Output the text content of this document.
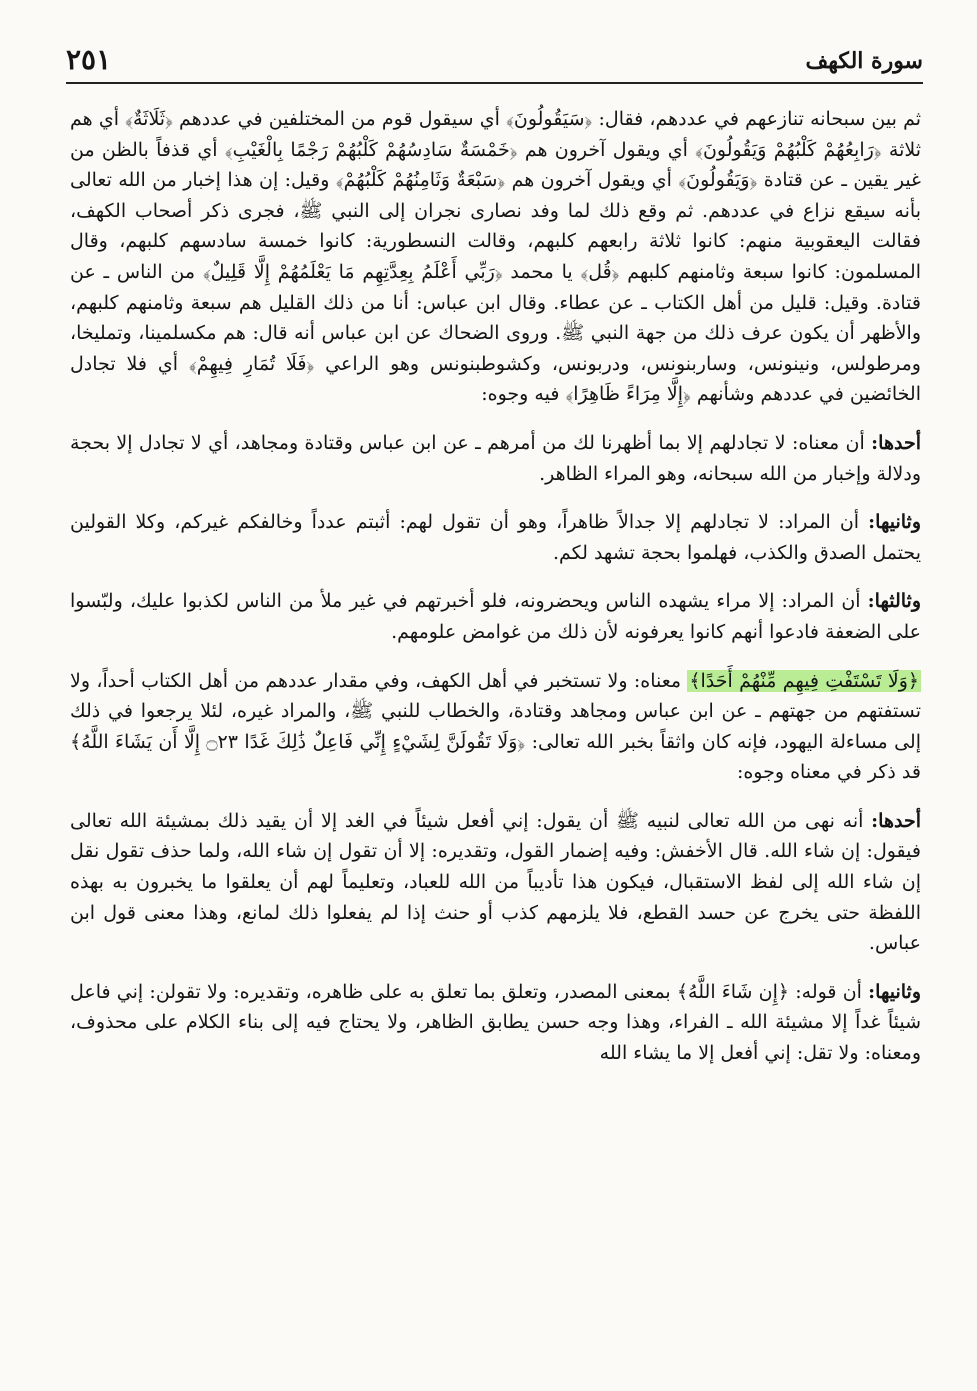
٢٥١	سورة الكهف

ثم بين سبحانه تنازعهم في عددهم، فقال: ﴿سَيَقُولُونَ﴾ أي سيقول قوم من المختلفين في عددهم ﴿ثَلَاثَةٌ﴾ أي هم ثلاثة ﴿رَابِعُهُمْ كَلْبُهُمْ وَيَقُولُونَ﴾ أي ويقول آخرون هم ﴿خَمْسَةٌ سَادِسُهُمْ كَلْبُهُمْ رَجْمًا بِالْغَيْبِ﴾ أي قذفاً بالظن من غير يقين ـ عن قتادة ﴿وَيَقُولُونَ﴾ أي ويقول آخرون هم ﴿سَبْعَةٌ وَثَامِنُهُمْ كَلْبُهُمْ﴾ وقيل: إن هذا إخبار من الله تعالى بأنه سيقع نزاع في عددهم. ثم وقع ذلك لما وفد نصارى نجران إلى النبي ﷺ، فجرى ذكر أصحاب الكهف، فقالت اليعقوبية منهم: كانوا ثلاثة رابعهم كلبهم، وقالت النسطورية: كانوا خمسة سادسهم كلبهم، وقال المسلمون: كانوا سبعة وثامنهم كلبهم ﴿قُل﴾ يا محمد ﴿رَبِّي أَعْلَمُ بِعِدَّتِهِم مَا يَعْلَمُهُمْ إِلَّا قَلِيلٌ﴾ من الناس ـ عن قتادة. وقيل: قليل من أهل الكتاب ـ عن عطاء. وقال ابن عباس: أنا من ذلك القليل هم سبعة وثامنهم كلبهم، والأظهر أن يكون عرف ذلك من جهة النبي ﷺ. وروى الضحاك عن ابن عباس أنه قال: هم مكسلمينا، وتمليخا، ومرطولس، ونينونس، وساربنونس، ودربونس، وكشوطبنونس وهو الراعي ﴿فَلَا تُمَارِ فِيهِمْ﴾ أي فلا تجادل الخائضين في عددهم وشأنهم ﴿إِلَّا مِرَاءً ظَاهِرًا﴾ فيه وجوه:

أحدها: أن معناه: لا تجادلهم إلا بما أظهرنا لك من أمرهم ـ عن ابن عباس وقتادة ومجاهد، أي لا تجادل إلا بحجة ودلالة وإخبار من الله سبحانه، وهو المراء الظاهر.

وثانيها: أن المراد: لا تجادلهم إلا جدالاً ظاهراً، وهو أن تقول لهم: أثبتم عدداً وخالفكم غيركم، وكلا القولين يحتمل الصدق والكذب، فهلموا بحجة تشهد لكم.

وثالثها: أن المراد: إلا مراء يشهده الناس ويحضرونه، فلو أخبرتهم في غير ملأ من الناس لكذبوا عليك، ولبّسوا على الضعفة فادعوا أنهم كانوا يعرفونه لأن ذلك من غوامض علومهم.

﴿وَلَا تَسْتَفْتِ فِيهِم مِّنْهُمْ أَحَدًا﴾ معناه: ولا تستخبر في أهل الكهف، وفي مقدار عددهم من أهل الكتاب أحداً، ولا تستفتهم من جهتهم ـ عن ابن عباس ومجاهد وقتادة، والخطاب للنبي ﷺ، والمراد غيره، لئلا يرجعوا في ذلك إلى مساءلة اليهود، فإنه كان واثقاً بخبر الله تعالى: ﴿وَلَا تَقُولَنَّ لِشَيْءٍ إِنِّي فَاعِلٌ ذَٰلِكَ غَدًا ۝٢٣ إِلَّا أَن يَشَاءَ اللَّهُ﴾ قد ذكر في معناه وجوه:

أحدها: أنه نهى من الله تعالى لنبيه ﷺ أن يقول: إني أفعل شيئاً في الغد إلا أن يقيد ذلك بمشيئة الله تعالى فيقول: إن شاء الله. قال الأخفش: وفيه إضمار القول، وتقديره: إلا أن تقول إن شاء الله، ولما حذف تقول نقل إن شاء الله إلى لفظ الاستقبال، فيكون هذا تأديباً من الله للعباد، وتعليماً لهم أن يعلقوا ما يخبرون به بهذه اللفظة حتى يخرج عن حسد القطع، فلا يلزمهم كذب أو حنث إذا لم يفعلوا ذلك لمانع، وهذا معنى قول ابن عباس.

وثانيها: أن قوله: ﴿إِن شَاءَ اللَّهُ﴾ بمعنى المصدر، وتعلق بما تعلق به على ظاهره، وتقديره: ولا تقولن: إني فاعل شيئاً غداً إلا مشيئة الله ـ الفراء، وهذا وجه حسن يطابق الظاهر، ولا يحتاج فيه إلى بناء الكلام على محذوف، ومعناه: ولا تقل: إني أفعل إلا ما يشاء الله
